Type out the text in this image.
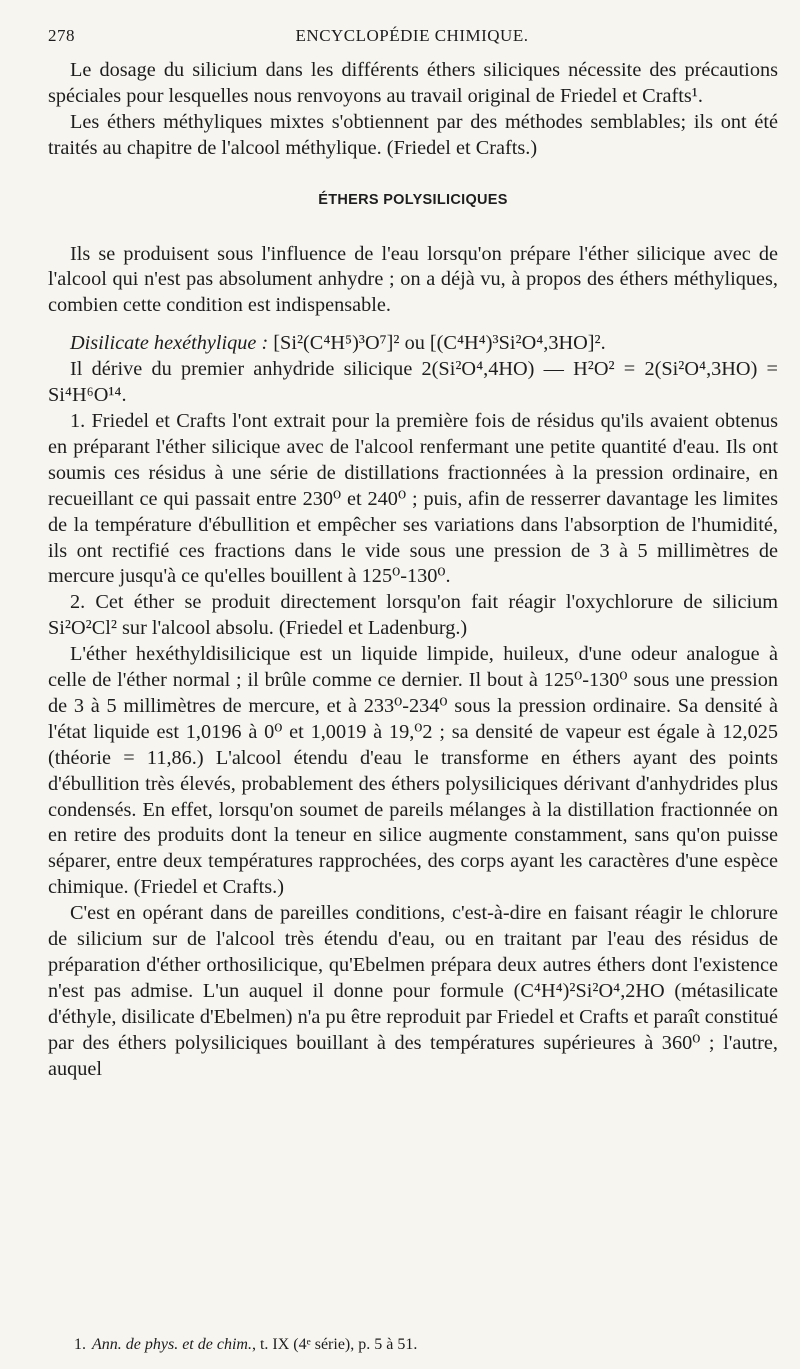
278	ENCYCLOPÉDIE CHIMIQUE.

Le dosage du silicium dans les différents éthers siliciques nécessite des précautions spéciales pour lesquelles nous renvoyons au travail original de Friedel et Crafts¹.

Les éthers méthyliques mixtes s'obtiennent par des méthodes semblables; ils ont été traités au chapitre de l'alcool méthylique. (Friedel et Crafts.)

ÉTHERS POLYSILICIQUES

Ils se produisent sous l'influence de l'eau lorsqu'on prépare l'éther silicique avec de l'alcool qui n'est pas absolument anhydre ; on a déjà vu, à propos des éthers méthyliques, combien cette condition est indispensable.

Disilicate hexéthylique : [Si²(C⁴H⁵)³O⁷]² ou [(C⁴H⁴)³Si²O⁴,3HO]².

Il dérive du premier anhydride silicique 2(Si²O⁴,4HO) — H²O² = 2(Si²O⁴,3HO) = Si⁴H⁶O¹⁴.

1. Friedel et Crafts l'ont extrait pour la première fois de résidus qu'ils avaient obtenus en préparant l'éther silicique avec de l'alcool renfermant une petite quantité d'eau. Ils ont soumis ces résidus à une série de distillations fractionnées à la pression ordinaire, en recueillant ce qui passait entre 230⁰ et 240⁰ ; puis, afin de resserrer davantage les limites de la température d'ébullition et empêcher ses variations dans l'absorption de l'humidité, ils ont rectifié ces fractions dans le vide sous une pression de 3 à 5 millimètres de mercure jusqu'à ce qu'elles bouillent à 125⁰-130⁰.

2. Cet éther se produit directement lorsqu'on fait réagir l'oxychlorure de silicium Si²O²Cl² sur l'alcool absolu. (Friedel et Ladenburg.)

L'éther hexéthyldisilicique est un liquide limpide, huileux, d'une odeur analogue à celle de l'éther normal ; il brûle comme ce dernier. Il bout à 125⁰-130⁰ sous une pression de 3 à 5 millimètres de mercure, et à 233⁰-234⁰ sous la pression ordinaire. Sa densité à l'état liquide est 1,0196 à 0⁰ et 1,0019 à 19,⁰2 ; sa densité de vapeur est égale à 12,025 (théorie = 11,86.) L'alcool étendu d'eau le transforme en éthers ayant des points d'ébullition très élevés, probablement des éthers polysiliciques dérivant d'anhydrides plus condensés. En effet, lorsqu'on soumet de pareils mélanges à la distillation fractionnée on en retire des produits dont la teneur en silice augmente constamment, sans qu'on puisse séparer, entre deux températures rapprochées, des corps ayant les caractères d'une espèce chimique. (Friedel et Crafts.)

C'est en opérant dans de pareilles conditions, c'est-à-dire en faisant réagir le chlorure de silicium sur de l'alcool très étendu d'eau, ou en traitant par l'eau des résidus de préparation d'éther orthosilicique, qu'Ebelmen prépara deux autres éthers dont l'existence n'est pas admise. L'un auquel il donne pour formule (C⁴H⁴)²Si²O⁴,2HO (métasilicate d'éthyle, disilicate d'Ebelmen) n'a pu être reproduit par Friedel et Crafts et paraît constitué par des éthers polysiliciques bouillant à des températures supérieures à 360⁰ ; l'autre, auquel

1. Ann. de phys. et de chim., t. IX (4ᵉ série), p. 5 à 51.
